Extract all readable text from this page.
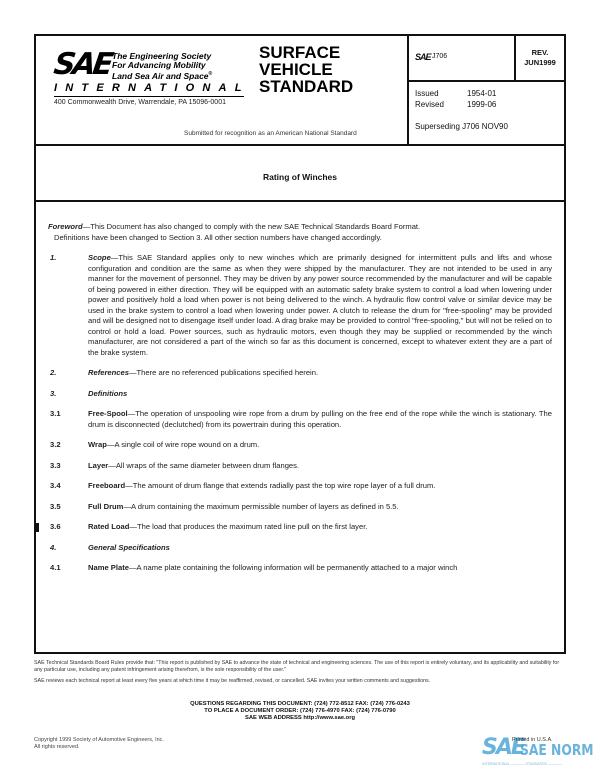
SAE The Engineering Society
For Advancing Mobility
Land Sea Air and Space®
INTERNATIONAL
400 Commonwealth Drive, Warrendale, PA 15096-0001
SURFACE
VEHICLE
STANDARD
Submitted for recognition as an American National Standard
SAE J706	REV.
JUN1999
Issued	1954-01
Revised	1999-06
Superseding J706 NOV90
Rating of Winches
Foreword—This Document has also changed to comply with the new SAE Technical Standards Board Format.
Definitions have been changed to Section 3. All other section numbers have changed accordingly.
1.	Scope—This SAE Standard applies only to new winches which are primarily designed for intermittent pulls and lifts and whose configuration and condition are the same as when they were shipped by the manufacturer. They are not intended to be used in any manner for the movement of personnel. They may be driven by any power source recommended by the manufacturer and will be capable of being powered in either direction. They will be equipped with an automatic safety brake system to control a load when lowering under power and positively hold a load when power is not being delivered to the winch. A hydraulic flow control valve or similar device may be used in the brake system to control a load when lowering under power. A clutch to release the drum for "free-spooling" may be provided and will be designed not to disengage itself under load. A drag brake may be provided to control "free-spooling," but will not be relied on to control or hold a load. Power sources, such as hydraulic motors, even though they may be supplied or recommended by the winch manufacturer, are not considered a part of the winch so far as this document is concerned, except to whatever extent they are a part of the brake system.
2.	References—There are no referenced publications specified herein.
3.	Definitions
3.1	Free-Spool—The operation of unspooling wire rope from a drum by pulling on the free end of the rope while the winch is stationary. The drum is disconnected (declutched) from its powertrain during this operation.
3.2	Wrap—A single coil of wire rope wound on a drum.
3.3	Layer—All wraps of the same diameter between drum flanges.
3.4	Freeboard—The amount of drum flange that extends radially past the top wire rope layer of a full drum.
3.5	Full Drum—A drum containing the maximum permissible number of layers as defined in 5.5.
3.6	Rated Load—The load that produces the maximum rated line pull on the first layer.
4.	General Specifications
4.1	Name Plate—A name plate containing the following information will be permanently attached to a major winch

SAE Technical Standards Board Rules provide that: "This report is published by SAE to advance the state of technical and engineering sciences. The use of this report is entirely voluntary, and its applicability and suitability for any particular use, including any patent infringement arising therefrom, is the sole responsibility of the user."

SAE reviews each technical report at least every five years at which time it may be reaffirmed, revised, or cancelled. SAE invites your written comments and suggestions.

QUESTIONS REGARDING THIS DOCUMENT: (724) 772-8512 FAX: (724) 776-0243
TO PLACE A DOCUMENT ORDER: (724) 776-4970 FAX: (724) 776-0790
SAE WEB ADDRESS http://www.sae.org
Copyright 1999 Society of Automotive Engineers, Inc.
All rights reserved.	SAE
SAE NORM
INTERNATIONAL ———— STANDARDS ————
Printed in U.S.A.
